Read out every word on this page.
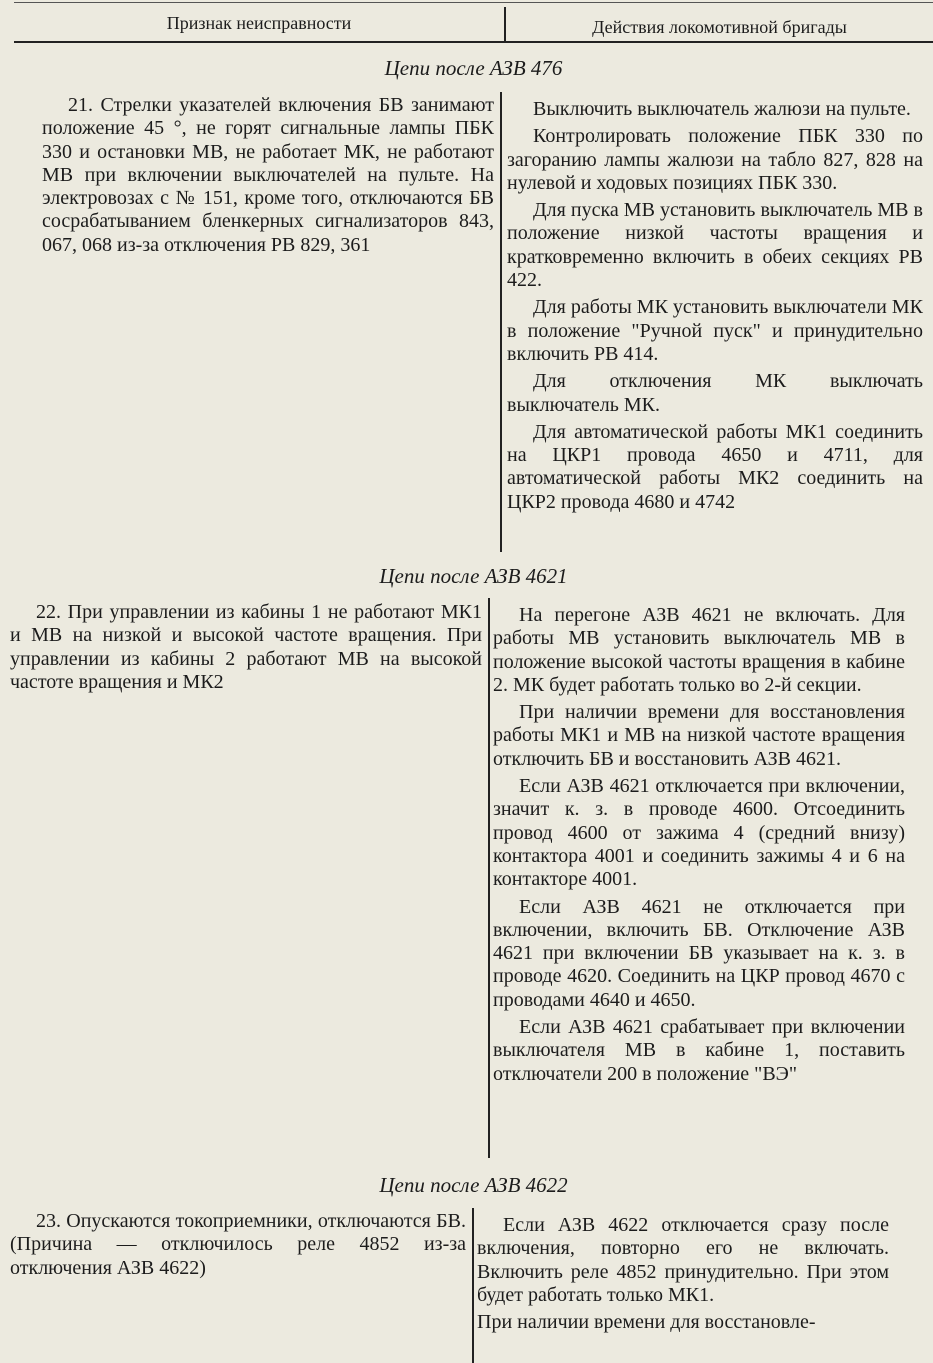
Признак неисправности	Действия локомотивной бригады
Цепи после АЗВ 476

21. Стрелки указателей включения БВ занимают положение 45 °, не горят сигнальные лампы ПБК 330 и остановки МВ, не работает МК, не работают МВ при включении выключателей на пульте. На электровозах с № 151, кроме того, отключаются БВ сосрабатыванием бленкерных сигнализаторов 843, 067, 068 из-за отключения РВ 829, 361

Выключить выключатель жалюзи на пульте.

Контролировать положение ПБК 330 по загоранию лампы жалюзи на табло 827, 828 на нулевой и ходовых позициях ПБК 330.

Для пуска МВ установить выключатель МВ в положение низкой частоты вращения и кратковременно включить в обеих секциях РВ 422.

Для работы МК установить выключатели МК в положение "Ручной пуск" и принудительно включить РВ 414.

Для отключения МК выключать выключатель МК.

Для автоматической работы МК1 соединить на ЦКР1 провода 4650 и 4711, для автоматической работы МК2 соединить на ЦКР2 провода 4680 и 4742

Цепи после АЗВ 4621

22. При управлении из кабины 1 не работают МК1 и МВ на низкой и высокой частоте вращения. При управлении из кабины 2 работают МВ на высокой частоте вращения и МК2

На перегоне АЗВ 4621 не включать. Для работы МВ установить выключатель МВ в положение высокой частоты вращения в кабине 2. МК будет работать только во 2-й секции.

При наличии времени для восстановления работы МК1 и МВ на низкой частоте вращения отключить БВ и восстановить АЗВ 4621.

Если АЗВ 4621 отключается при включении, значит к. з. в проводе 4600. Отсоединить провод 4600 от зажима 4 (средний внизу) контактора 4001 и соединить зажимы 4 и 6 на контакторе 4001.

Если АЗВ 4621 не отключается при включении, включить БВ. Отключение АЗВ 4621 при включении БВ указывает на к. з. в проводе 4620. Соединить на ЦКР провод 4670 с проводами 4640 и 4650.

Если АЗВ 4621 срабатывает при включении выключателя МВ в кабине 1, поставить отключатели 200 в положение "ВЭ"

Цепи после АЗВ 4622

23. Опускаются токоприемники, отключаются БВ. (Причина — отключилось реле 4852 из-за отключения АЗВ 4622)

Если АЗВ 4622 отключается сразу после включения, повторно его не включать. Включить реле 4852 принудительно. При этом будет работать только МК1.

При наличии времени для восстановле-
